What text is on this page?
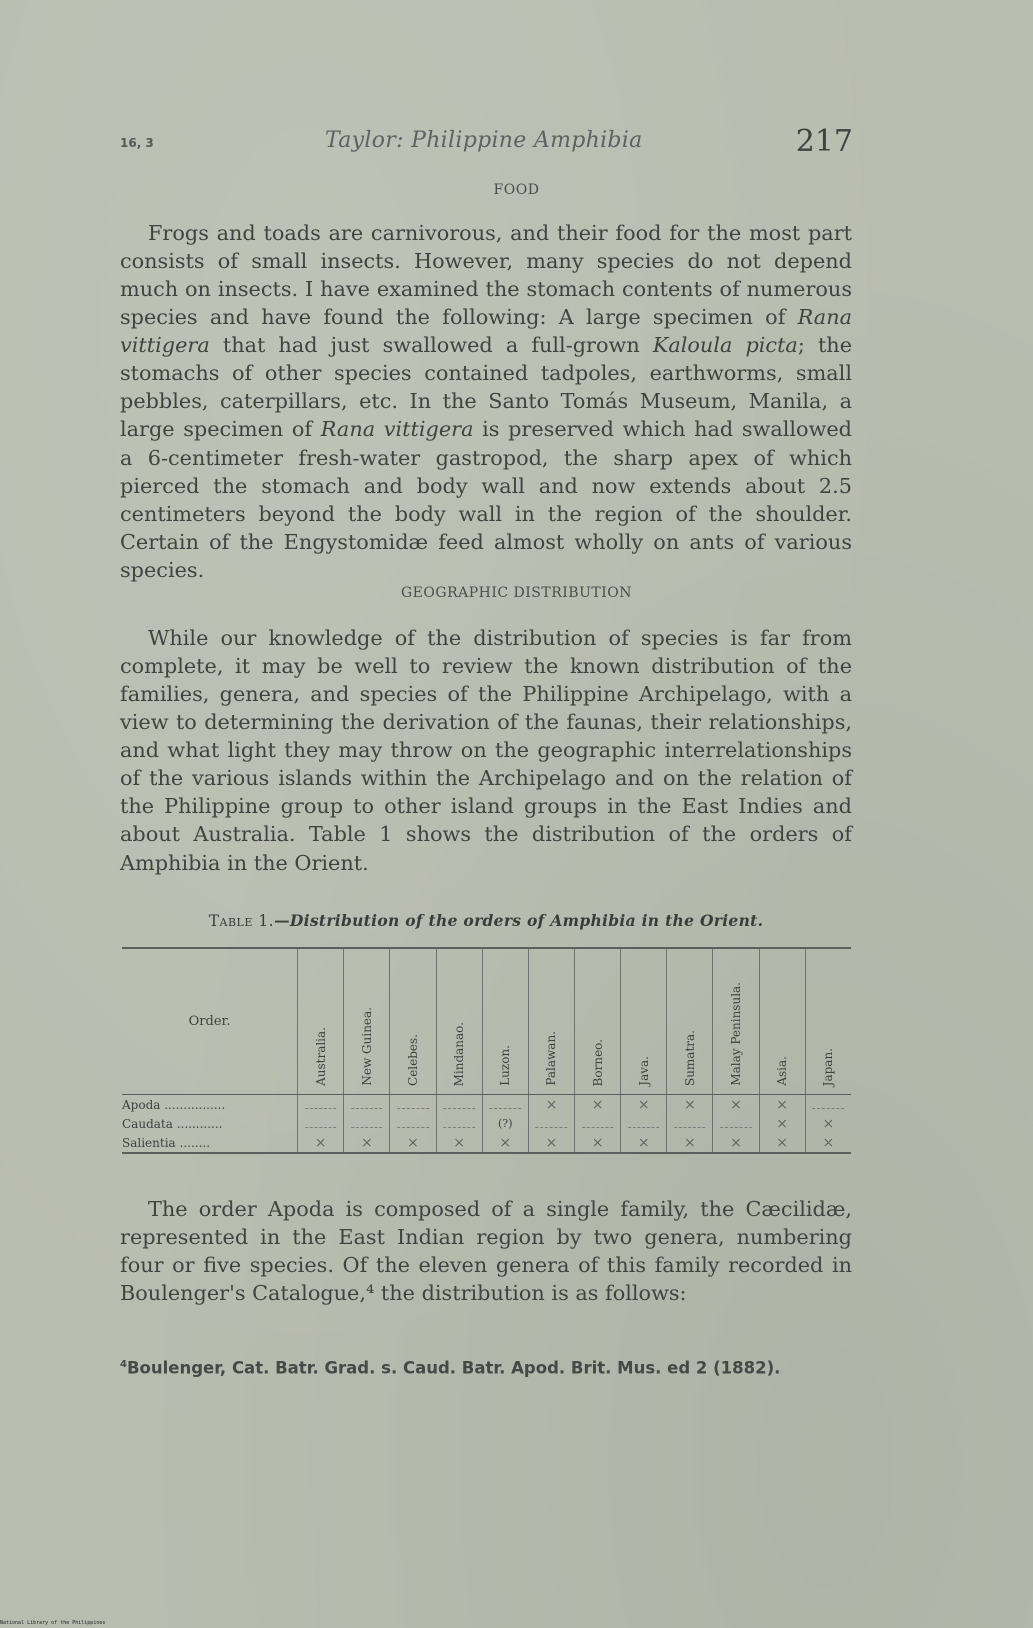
16, 3	Taylor: Philippine Amphibia	217
FOOD

Frogs and toads are carnivorous, and their food for the most part consists of small insects. However, many species do not depend much on insects. I have examined the stomach contents of numerous species and have found the following: A large specimen of Rana vittigera that had just swallowed a full-grown Kaloula picta; the stomachs of other species contained tadpoles, earthworms, small pebbles, caterpillars, etc. In the Santo Tomás Museum, Manila, a large specimen of Rana vittigera is preserved which had swallowed a 6-centimeter fresh-water gastropod, the sharp apex of which pierced the stomach and body wall and now extends about 2.5 centimeters beyond the body wall in the region of the shoulder. Certain of the Engystomidæ feed almost wholly on ants of various species.

GEOGRAPHIC DISTRIBUTION

While our knowledge of the distribution of species is far from complete, it may be well to review the known distribution of the families, genera, and species of the Philippine Archipelago, with a view to determining the derivation of the faunas, their relationships, and what light they may throw on the geographic interrelationships of the various islands within the Archipelago and on the relation of the Philippine group to other island groups in the East Indies and about Australia. Table 1 shows the distribution of the orders of Amphibia in the Orient.

Table 1.—Distribution of the orders of Amphibia in the Orient.
Order.	Australia.	New Guinea.	Celebes.	Mindanao.	Luzon.	Palawan.	Borneo.	Java.	Sumatra.	Malay Peninsula.	Asia.	Japan.

Apoda ................						×	×	×	×	×	×	
Caudata ............					(?)						×	×
Salientia ........	×	×	×	×	×	×	×	×	×	×	×	×

The order Apoda is composed of a single family, the Cæcilidæ, represented in the East Indian region by two genera, numbering four or five species. Of the eleven genera of this family recorded in Boulenger's Catalogue,⁴ the distribution is as follows:

$^4$Boulenger, Cat. Batr. Grad. s. Caud. Batr. Apod. Brit. Mus. ed 2 (1882).
National Library of the Philippines
